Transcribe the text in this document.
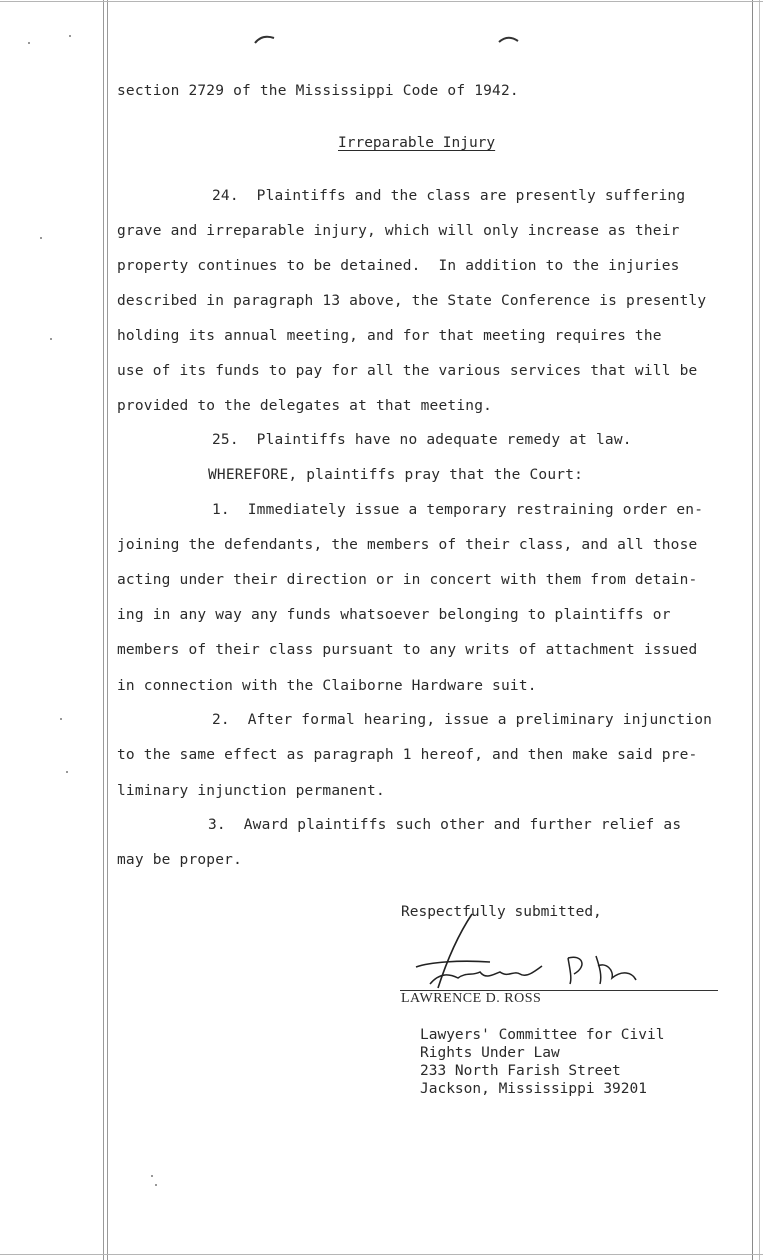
section 2729 of the Mississippi Code of 1942.
Irreparable Injury
24.  Plaintiffs and the class are presently suffering
grave and irreparable injury, which will only increase as their
property continues to be detained.  In addition to the injuries
described in paragraph 13 above, the State Conference is presently
holding its annual meeting, and for that meeting requires the
use of its funds to pay for all the various services that will be
provided to the delegates at that meeting.
25.  Plaintiffs have no adequate remedy at law.
WHEREFORE, plaintiffs pray that the Court:
1.  Immediately issue a temporary restraining order en-
joining the defendants, the members of their class, and all those
acting under their direction or in concert with them from detain-
ing in any way any funds whatsoever belonging to plaintiffs or
members of their class pursuant to any writs of attachment issued
in connection with the Claiborne Hardware suit.
2.  After formal hearing, issue a preliminary injunction
to the same effect as paragraph 1 hereof, and then make said pre-
liminary injunction permanent.
3.  Award plaintiffs such other and further relief as
may be proper.
Respectfully submitted,
LAWRENCE D. ROSS
Lawyers' Committee for Civil
Rights Under Law
233 North Farish Street
Jackson, Mississippi 39201
